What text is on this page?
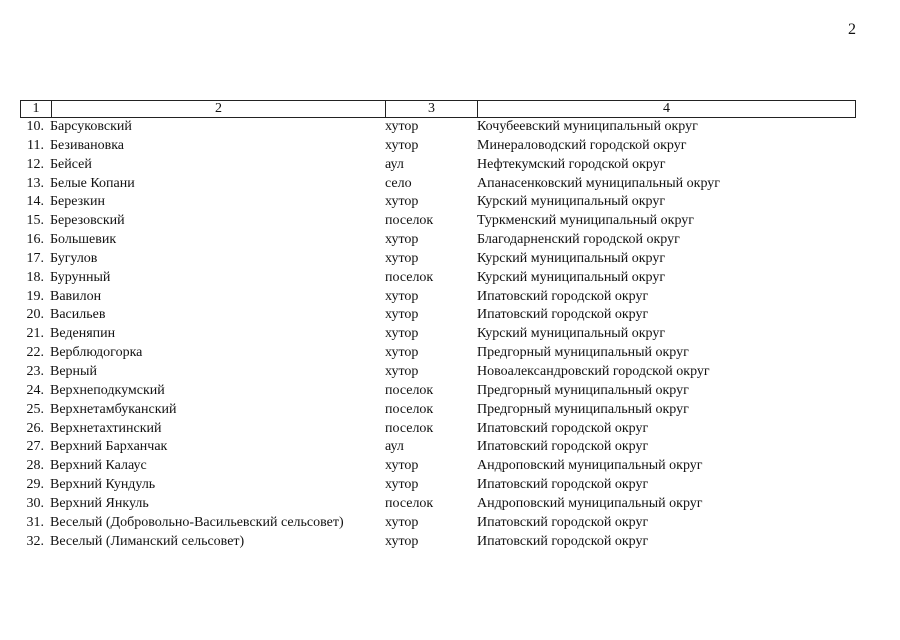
2
1	2	3	4
10. Барсуковский	хутор	Кочубеевский муниципальный округ
11. Безивановка	хутор	Минераловодский городской округ
12. Бейсей	аул	Нефтекумский городской округ
13. Белые Копани	село	Апанасенковский муниципальный округ
14. Березкин	хутор	Курский муниципальный округ
15. Березовский	поселок	Туркменский муниципальный округ
16. Большевик	хутор	Благодарненский городской округ
17. Бугулов	хутор	Курский муниципальный округ
18. Бурунный	поселок	Курский муниципальный округ
19. Вавилон	хутор	Ипатовский городской округ
20. Васильев	хутор	Ипатовский городской округ
21. Веденяпин	хутор	Курский муниципальный округ
22. Верблюдогорка	хутор	Предгорный муниципальный округ
23. Верный	хутор	Новоалександровский городской округ
24. Верхнеподкумский	поселок	Предгорный муниципальный округ
25. Верхнетамбуканский	поселок	Предгорный муниципальный округ
26. Верхнетахтинский	поселок	Ипатовский городской округ
27. Верхний Барханчак	аул	Ипатовский городской округ
28. Верхний Калаус	хутор	Андроповский муниципальный округ
29. Верхний Кундуль	хутор	Ипатовский городской округ
30. Верхний Янкуль	поселок	Андроповский муниципальный округ
31. Веселый (Добровольно-Васильевский сельсовет)	хутор	Ипатовский городской округ
32. Веселый (Лиманский сельсовет)	хутор	Ипатовский городской округ
